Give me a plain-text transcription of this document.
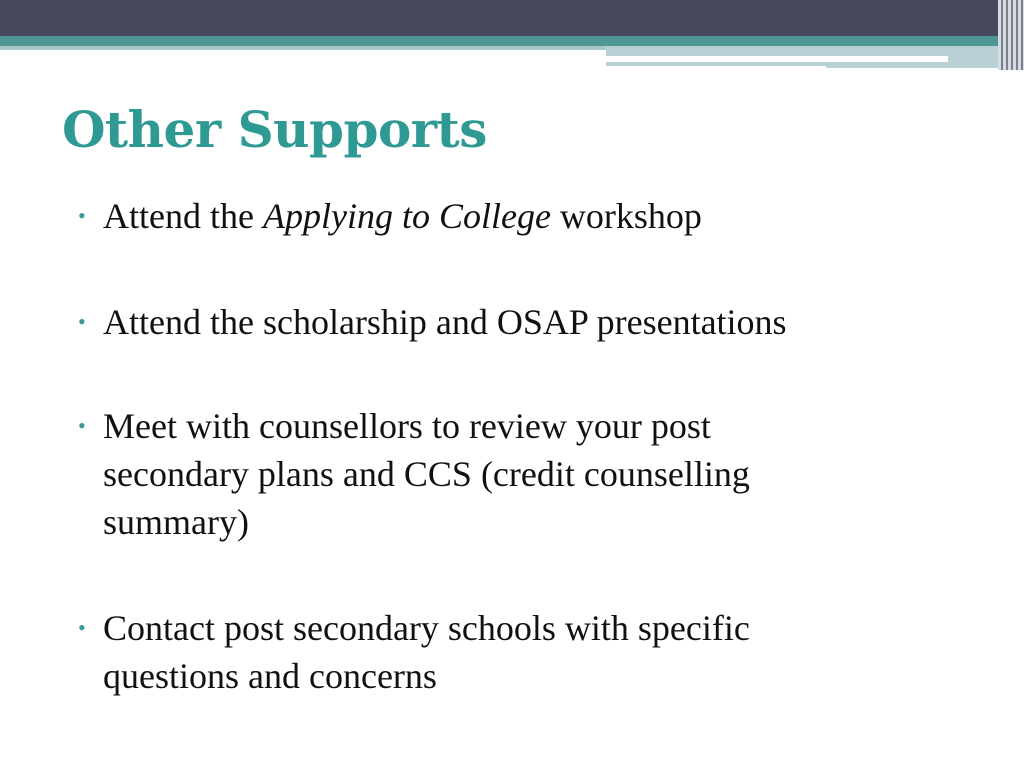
Other Supports
• Attend the Applying to College workshop
• Attend the scholarship and OSAP presentations
• Meet with counsellors to review your post
secondary plans and CCS (credit counselling
summary)
• Contact post secondary schools with specific
questions and concerns
